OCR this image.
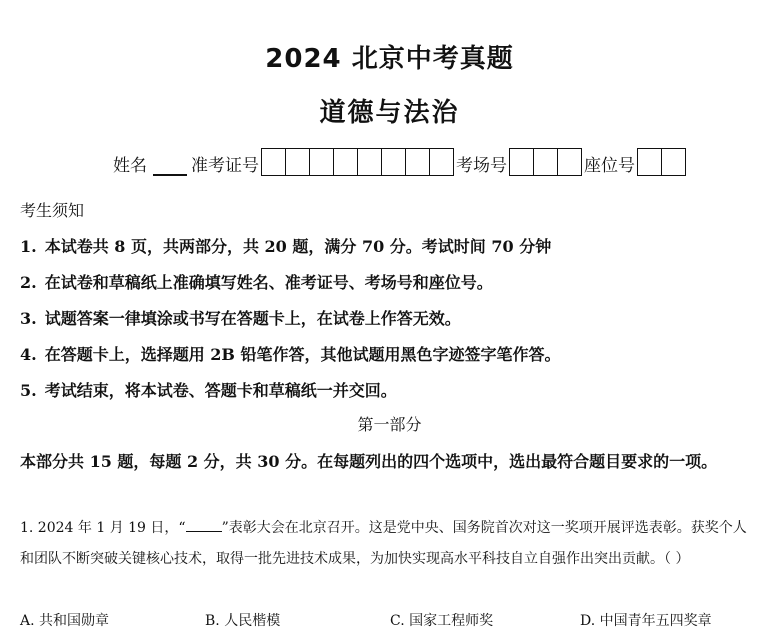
2024 北京中考真题
道德与法治
姓名	准考证号	考场号	座位号
考生须知
1. 本试卷共 8 页，共两部分，共 20 题，满分 70 分。考试时间 70 分钟
2. 在试卷和草稿纸上准确填写姓名、准考证号、考场号和座位号。
3. 试题答案一律填涂或书写在答题卡上，在试卷上作答无效。
4. 在答题卡上，选择题用 2B 铅笔作答，其他试题用黑色字迹签字笔作答。
5. 考试结束，将本试卷、答题卡和草稿纸一并交回。
第一部分
本部分共 15 题，每题 2 分，共 30 分。在每题列出的四个选项中，选出最符合题目要求的一项。
1. 2024 年 1 月 19 日，“	”表彰大会在北京召开。这是党中央、国务院首次对这一奖项开展评选表彰。获奖个人和团队不断突破关键核心技术，取得一批先进技术成果，为加快实现高水平科技自立自强作出突出贡献。（ ）
A. 共和国勋章	B. 人民楷模	C. 国家工程师奖	D. 中国青年五四奖章
